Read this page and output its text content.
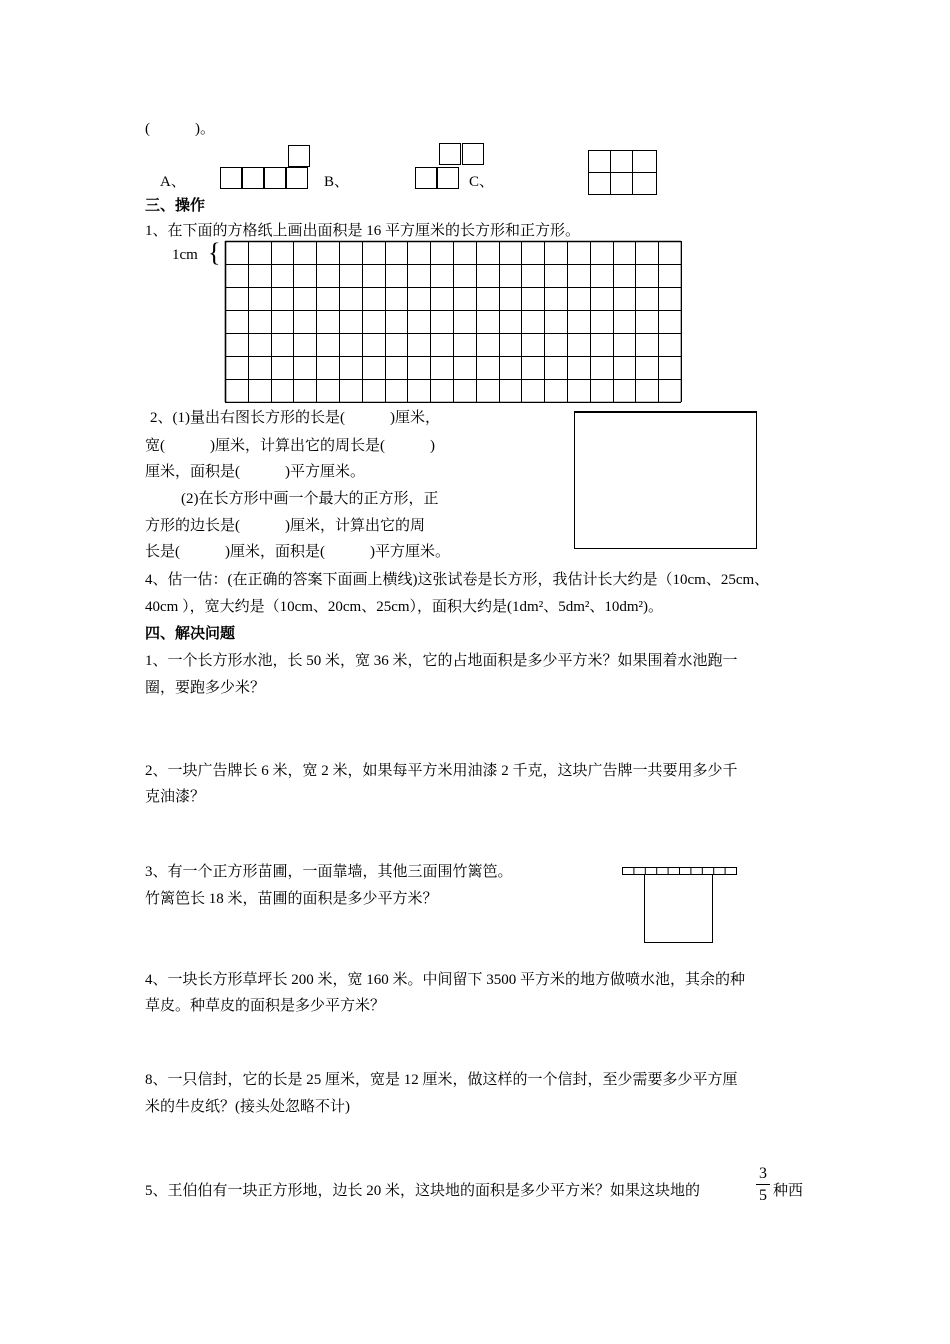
(　　　)。
A、	B、	C、
三、操作
1、在下面的方格纸上画出面积是 16 平方厘米的长方形和正方形。
1cm {
2、(1)量出右图长方形的长是(　　　)厘米，
宽(　　　)厘米，计算出它的周长是(　　　)
厘米，面积是(　　　)平方厘米。
(2)在长方形中画一个最大的正方形，正
方形的边长是(　　　)厘米，计算出它的周
长是(　　　)厘米，面积是(　　　)平方厘米。
4、估一估：(在正确的答案下面画上横线)这张试卷是长方形，我估计长大约是（10cm、25cm、
40cm ），宽大约是（10cm、20cm、25cm），面积大约是(1dm²、5dm²、10dm²)。
四、解决问题
1、一个长方形水池，长 50 米，宽 36 米，它的占地面积是多少平方米？如果围着水池跑一
圈，要跑多少米？
2、一块广告牌长 6 米，宽 2 米，如果每平方米用油漆 2 千克，这块广告牌一共要用多少千
克油漆？
3、有一个正方形苗圃，一面靠墙，其他三面围竹篱笆。
竹篱笆长 18 米，苗圃的面积是多少平方米？
4、一块长方形草坪长 200 米，宽 160 米。中间留下 3500 平方米的地方做喷水池，其余的种
草皮。种草皮的面积是多少平方米？
8、一只信封，它的长是 25 厘米，宽是 12 厘米，做这样的一个信封，至少需要多少平方厘
米的牛皮纸？(接头处忽略不计)
5、王伯伯有一块正方形地，边长 20 米，这块地的面积是多少平方米？如果这块地的
3
5 种西
